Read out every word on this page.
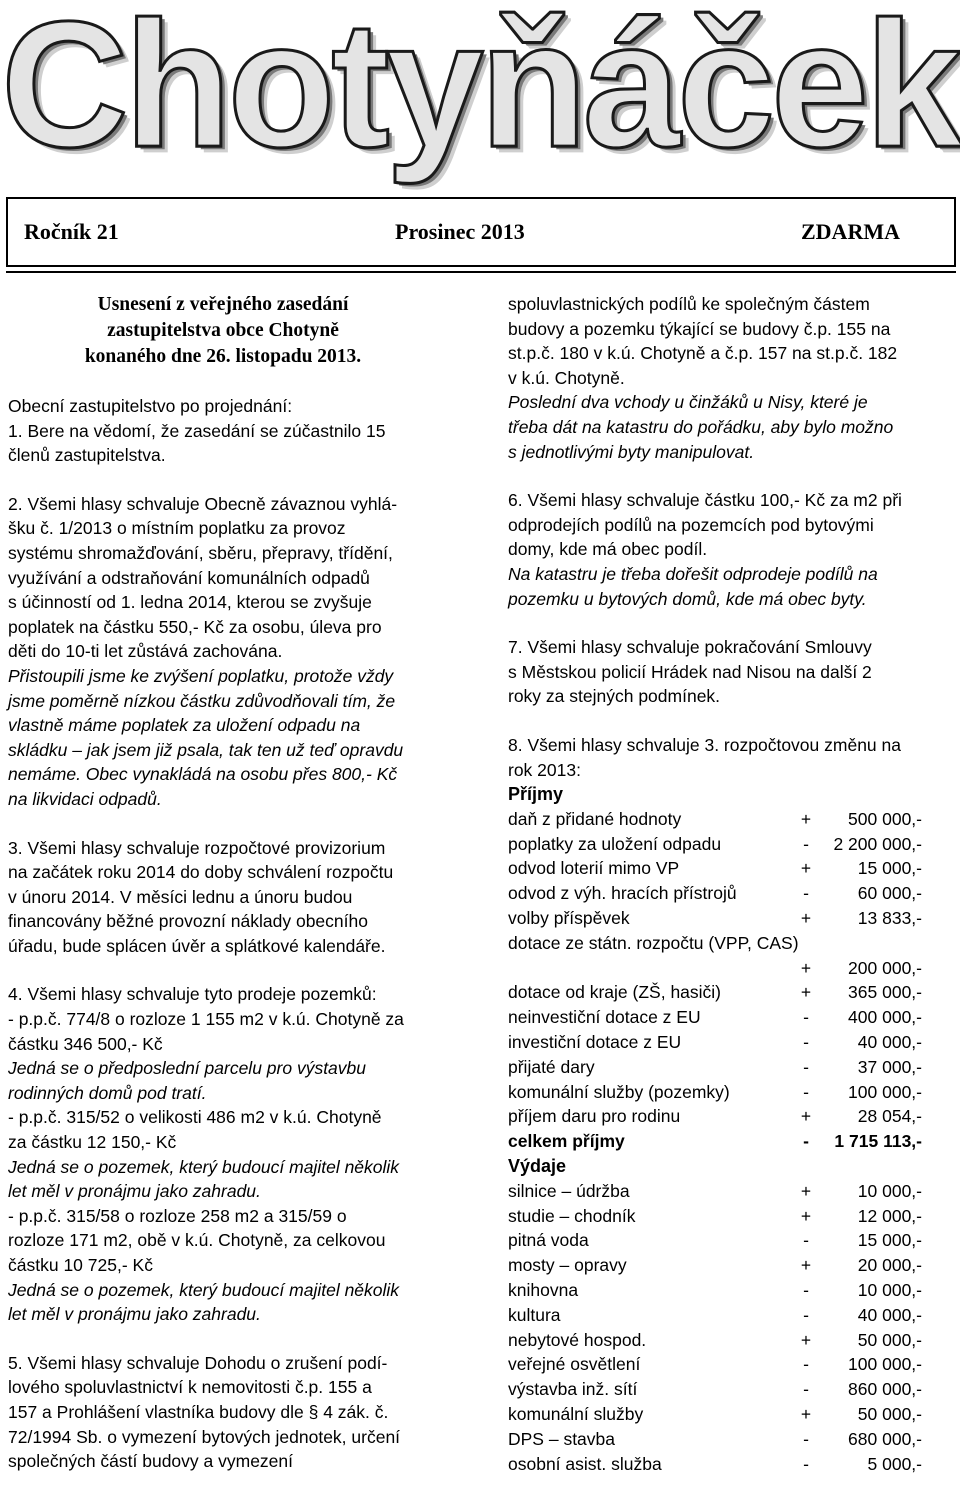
Chotyňáček
Ročník 21	Prosinec 2013	ZDARMA

Usnesení z veřejného zasedání

zastupitelstva obce Chotyně

konaného dne 26. listopadu 2013.

Obecní zastupitelstvo po projednání:

1. Bere na vědomí, že zasedání se zúčastnilo 15

členů zastupitelstva.

2. Všemi hlasy schvaluje Obecně závaznou vyhlá-

šku č. 1/2013 o místním poplatku za provoz

systému shromažďování, sběru, přepravy, třídění,

využívání a odstraňování komunálních odpadů

s účinností od 1. ledna 2014, kterou se zvyšuje

poplatek na částku 550,- Kč za osobu, úleva pro

děti do 10-ti let zůstává zachována.

Přistoupili jsme ke zvýšení poplatku, protože vždy

jsme poměrně nízkou částku zdůvodňovali tím, že

vlastně máme poplatek za uložení odpadu na

skládku – jak jsem již psala, tak ten už teď opravdu

nemáme. Obec vynakládá na osobu přes 800,- Kč

na likvidaci odpadů.

3. Všemi hlasy schvaluje rozpočtové provizorium

na začátek roku 2014 do doby schválení rozpočtu

v únoru 2014. V měsíci lednu a únoru budou

financovány běžné provozní náklady obecního

úřadu, bude splácen úvěr a splátkové kalendáře.

4. Všemi hlasy schvaluje tyto prodeje pozemků:

- p.p.č. 774/8 o rozloze 1 155 m2 v k.ú. Chotyně za

částku 346 500,- Kč

Jedná se o předposlední parcelu pro výstavbu

rodinných domů pod tratí.

- p.p.č. 315/52 o velikosti 486 m2 v k.ú. Chotyně

za částku 12 150,- Kč

Jedná se o pozemek, který budoucí majitel několik

let měl v pronájmu jako zahradu.

- p.p.č. 315/58 o rozloze 258 m2 a 315/59 o

rozloze 171 m2, obě v k.ú. Chotyně, za celkovou

částku 10 725,- Kč

Jedná se o pozemek, který budoucí majitel několik

let měl v pronájmu jako zahradu.

5. Všemi hlasy schvaluje Dohodu o zrušení podí-

lového spoluvlastnictví k nemovitosti č.p. 155 a

157 a Prohlášení vlastníka budovy dle § 4 zák. č.

72/1994 Sb. o vymezení bytových jednotek, určení

společných částí budovy a vymezení

spoluvlastnických podílů ke společným částem

budovy a pozemku týkající se budovy č.p. 155 na

st.p.č. 180 v k.ú. Chotyně a č.p. 157 na st.p.č. 182

v k.ú. Chotyně.

Poslední dva vchody u činžáků u Nisy, které je

třeba dát na katastru do pořádku, aby bylo možno

s jednotlivými byty manipulovat.

6. Všemi hlasy schvaluje částku 100,- Kč za m2 při

odprodejích podílů na pozemcích pod bytovými

domy, kde má obec podíl.

Na katastru je třeba dořešit odprodeje podílů na

pozemku u bytových domů, kde má obec byty.

7. Všemi hlasy schvaluje pokračování Smlouvy

s Městskou policií Hrádek nad Nisou na další 2

roky za stejných podmínek.

8. Všemi hlasy schvaluje 3. rozpočtovou změnu na

rok 2013:

Příjmy
daň z přidané hodnoty	+	500 000,-
poplatky za uložení odpadu	-	2 200 000,-
odvod loterií mimo VP	+	15 000,-
odvod z výh. hracích přístrojů	-	60 000,-
volby příspěvek	+	13 833,-
dotace ze státn. rozpočtu (VPP, CAS)
	+	200 000,-
dotace od kraje (ZŠ, hasiči)	+	365 000,-
neinvestiční dotace z EU	-	400 000,-
investiční dotace z EU	-	40 000,-
přijaté dary	-	37 000,-
komunální služby (pozemky)	-	100 000,-
příjem daru pro rodinu	+	28 054,-
celkem příjmy	-	1 715 113,-
Výdaje
silnice – údržba	+	10 000,-
studie – chodník	+	12 000,-
pitná voda	-	15 000,-
mosty – opravy	+	20 000,-
knihovna	-	10 000,-
kultura	-	40 000,-
nebytové hospod.	+	50 000,-
veřejné osvětlení	-	100 000,-
výstavba inž. sítí	-	860 000,-
komunální služby	+	50 000,-
DPS – stavba	-	680 000,-
osobní asist. služba	-	5 000,-
